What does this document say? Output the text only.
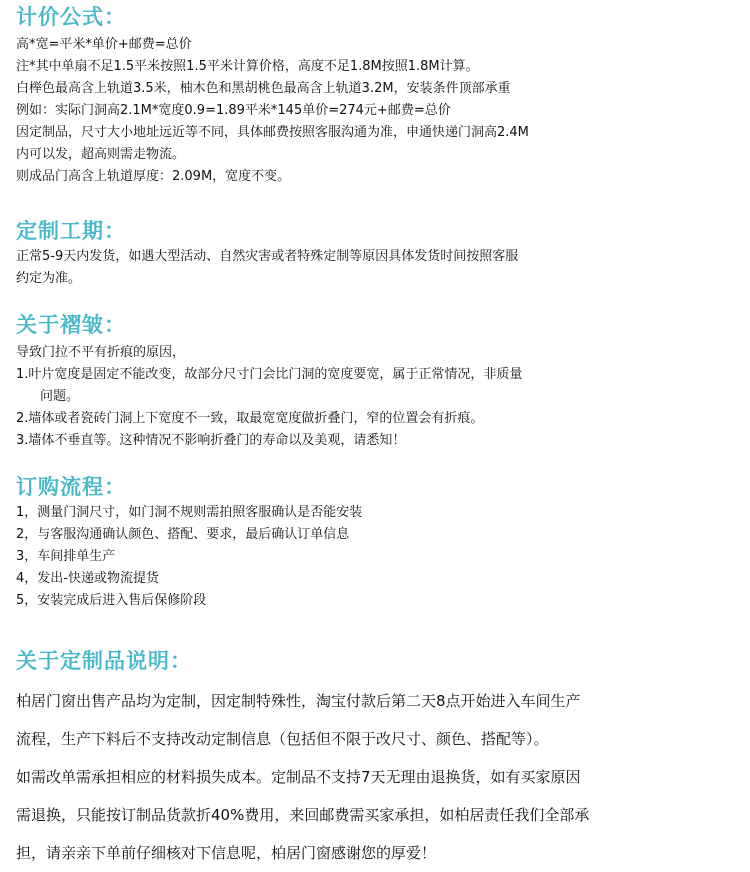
计价公式：

高*宽=平米*单价+邮费=总价

注*其中单扇不足1.5平米按照1.5平米计算价格，高度不足1.8M按照1.8M计算。

白榉色最高含上轨道3.5米，柚木色和黑胡桃色最高含上轨道3.2M，安装条件顶部承重

例如：实际门洞高2.1M*宽度0.9=1.89平米*145单价=274元+邮费=总价

因定制品，尺寸大小地址远近等不同，具体邮费按照客服沟通为准，申通快递门洞高2.4M

内可以发，超高则需走物流。

则成品门高含上轨道厚度：2.09M，宽度不变。

定制工期：

正常5-9天内发货，如遇大型活动、自然灾害或者特殊定制等原因具体发货时间按照客服

约定为准。

关于褶皱：

导致门拉不平有折痕的原因，

1.叶片宽度是固定不能改变，故部分尺寸门会比门洞的宽度要宽，属于正常情况，非质量

问题。

2.墙体或者瓷砖门洞上下宽度不一致，取最宽宽度做折叠门，窄的位置会有折痕。

3.墙体不垂直等。这种情况不影响折叠门的寿命以及美观，请悉知！

订购流程：

1，测量门洞尺寸，如门洞不规则需拍照客服确认是否能安装

2，与客服沟通确认颜色、搭配、要求，最后确认订单信息

3，车间排单生产

4，发出-快递或物流提货

5，安装完成后进入售后保修阶段

关于定制品说明：

柏居门窗出售产品均为定制，因定制特殊性，淘宝付款后第二天8点开始进入车间生产

流程，生产下料后不支持改动定制信息（包括但不限于改尺寸、颜色、搭配等）。

如需改单需承担相应的材料损失成本。定制品不支持7天无理由退换货，如有买家原因

需退换，只能按订制品货款折40%费用，来回邮费需买家承担，如柏居责任我们全部承

担，请亲亲下单前仔细核对下信息呢，柏居门窗感谢您的厚爱！
